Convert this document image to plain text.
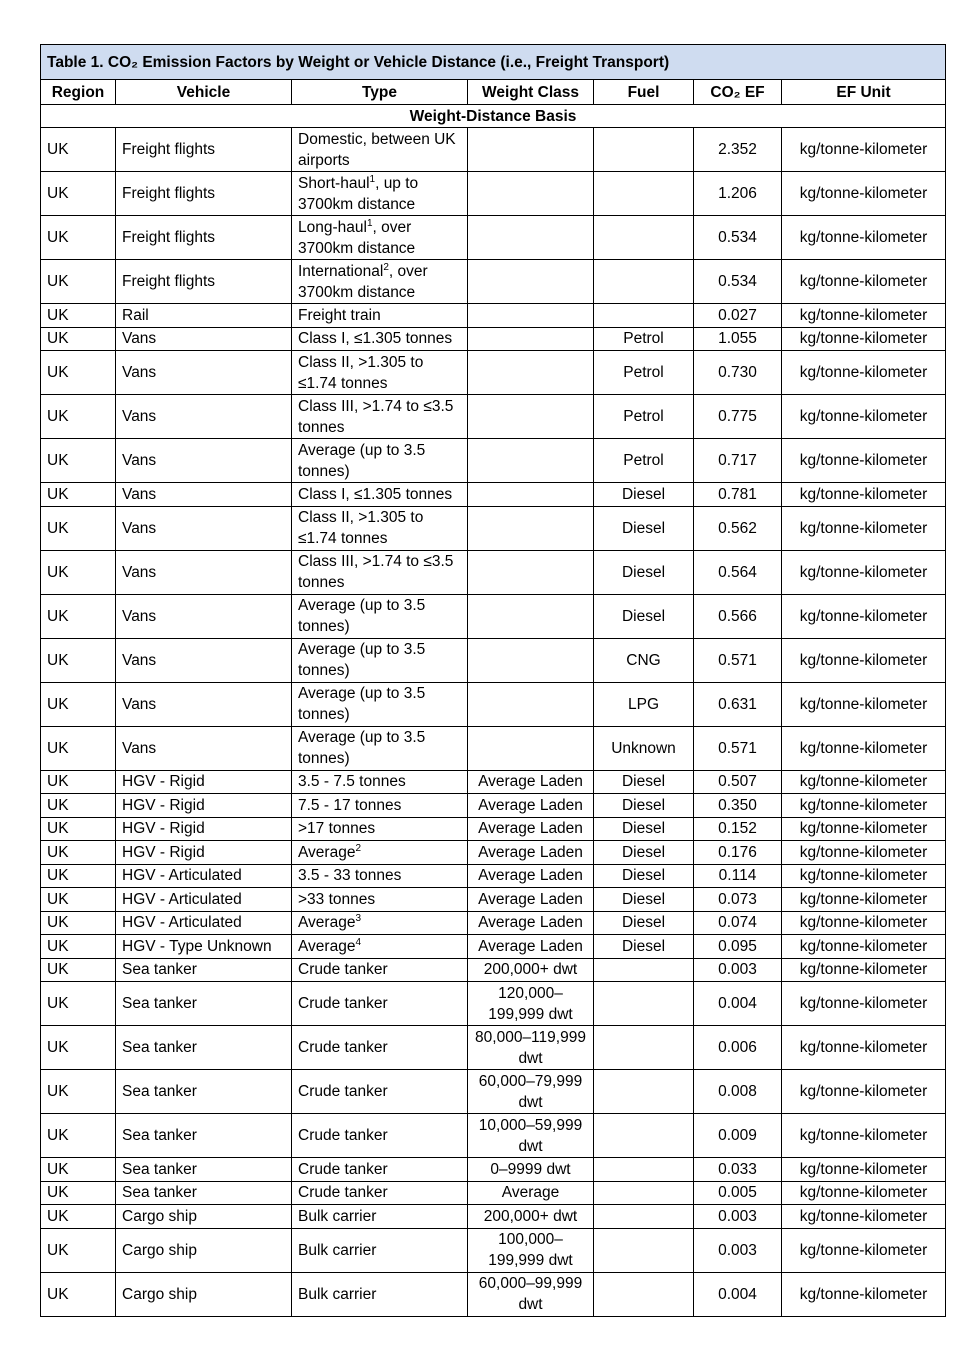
Table 1. CO₂ Emission Factors by Weight or Vehicle Distance (i.e., Freight Transport)						
Region	Vehicle	Type	Weight Class	Fuel	CO₂ EF	EF Unit
Weight-Distance Basis						
UK	Freight flights	Domestic, between UK airports			2.352	kg/tonne-kilometer
UK	Freight flights	Short-haul$^1$, up to 3700km distance			1.206	kg/tonne-kilometer
UK	Freight flights	Long-haul$^1$, over 3700km distance			0.534	kg/tonne-kilometer
UK	Freight flights	International$^2$, over 3700km distance			0.534	kg/tonne-kilometer
UK	Rail	Freight train			0.027	kg/tonne-kilometer
UK	Vans	Class I, ≤1.305 tonnes		Petrol	1.055	kg/tonne-kilometer
UK	Vans	Class II, >1.305 to ≤1.74 tonnes		Petrol	0.730	kg/tonne-kilometer
UK	Vans	Class III, >1.74 to ≤3.5 tonnes		Petrol	0.775	kg/tonne-kilometer
UK	Vans	Average (up to 3.5 tonnes)		Petrol	0.717	kg/tonne-kilometer
UK	Vans	Class I, ≤1.305 tonnes		Diesel	0.781	kg/tonne-kilometer
UK	Vans	Class II, >1.305 to ≤1.74 tonnes		Diesel	0.562	kg/tonne-kilometer
UK	Vans	Class III, >1.74 to ≤3.5 tonnes		Diesel	0.564	kg/tonne-kilometer
UK	Vans	Average (up to 3.5 tonnes)		Diesel	0.566	kg/tonne-kilometer
UK	Vans	Average (up to 3.5 tonnes)		CNG	0.571	kg/tonne-kilometer
UK	Vans	Average (up to 3.5 tonnes)		LPG	0.631	kg/tonne-kilometer
UK	Vans	Average (up to 3.5 tonnes)		Unknown	0.571	kg/tonne-kilometer
UK	HGV - Rigid	3.5 - 7.5 tonnes	Average Laden	Diesel	0.507	kg/tonne-kilometer
UK	HGV - Rigid	7.5 - 17 tonnes	Average Laden	Diesel	0.350	kg/tonne-kilometer
UK	HGV - Rigid	>17 tonnes	Average Laden	Diesel	0.152	kg/tonne-kilometer
UK	HGV - Rigid	Average$^2$	Average Laden	Diesel	0.176	kg/tonne-kilometer
UK	HGV - Articulated	3.5 - 33 tonnes	Average Laden	Diesel	0.114	kg/tonne-kilometer
UK	HGV - Articulated	>33 tonnes	Average Laden	Diesel	0.073	kg/tonne-kilometer
UK	HGV - Articulated	Average$^3$	Average Laden	Diesel	0.074	kg/tonne-kilometer
UK	HGV - Type Unknown	Average$^4$	Average Laden	Diesel	0.095	kg/tonne-kilometer
UK	Sea tanker	Crude tanker	200,000+ dwt		0.003	kg/tonne-kilometer
UK	Sea tanker	Crude tanker	120,000–199,999 dwt		0.004	kg/tonne-kilometer
UK	Sea tanker	Crude tanker	80,000–119,999 dwt		0.006	kg/tonne-kilometer
UK	Sea tanker	Crude tanker	60,000–79,999 dwt		0.008	kg/tonne-kilometer
UK	Sea tanker	Crude tanker	10,000–59,999 dwt		0.009	kg/tonne-kilometer
UK	Sea tanker	Crude tanker	0–9999 dwt		0.033	kg/tonne-kilometer
UK	Sea tanker	Crude tanker	Average		0.005	kg/tonne-kilometer
UK	Cargo ship	Bulk carrier	200,000+ dwt		0.003	kg/tonne-kilometer
UK	Cargo ship	Bulk carrier	100,000–199,999 dwt		0.003	kg/tonne-kilometer
UK	Cargo ship	Bulk carrier	60,000–99,999 dwt		0.004	kg/tonne-kilometer
